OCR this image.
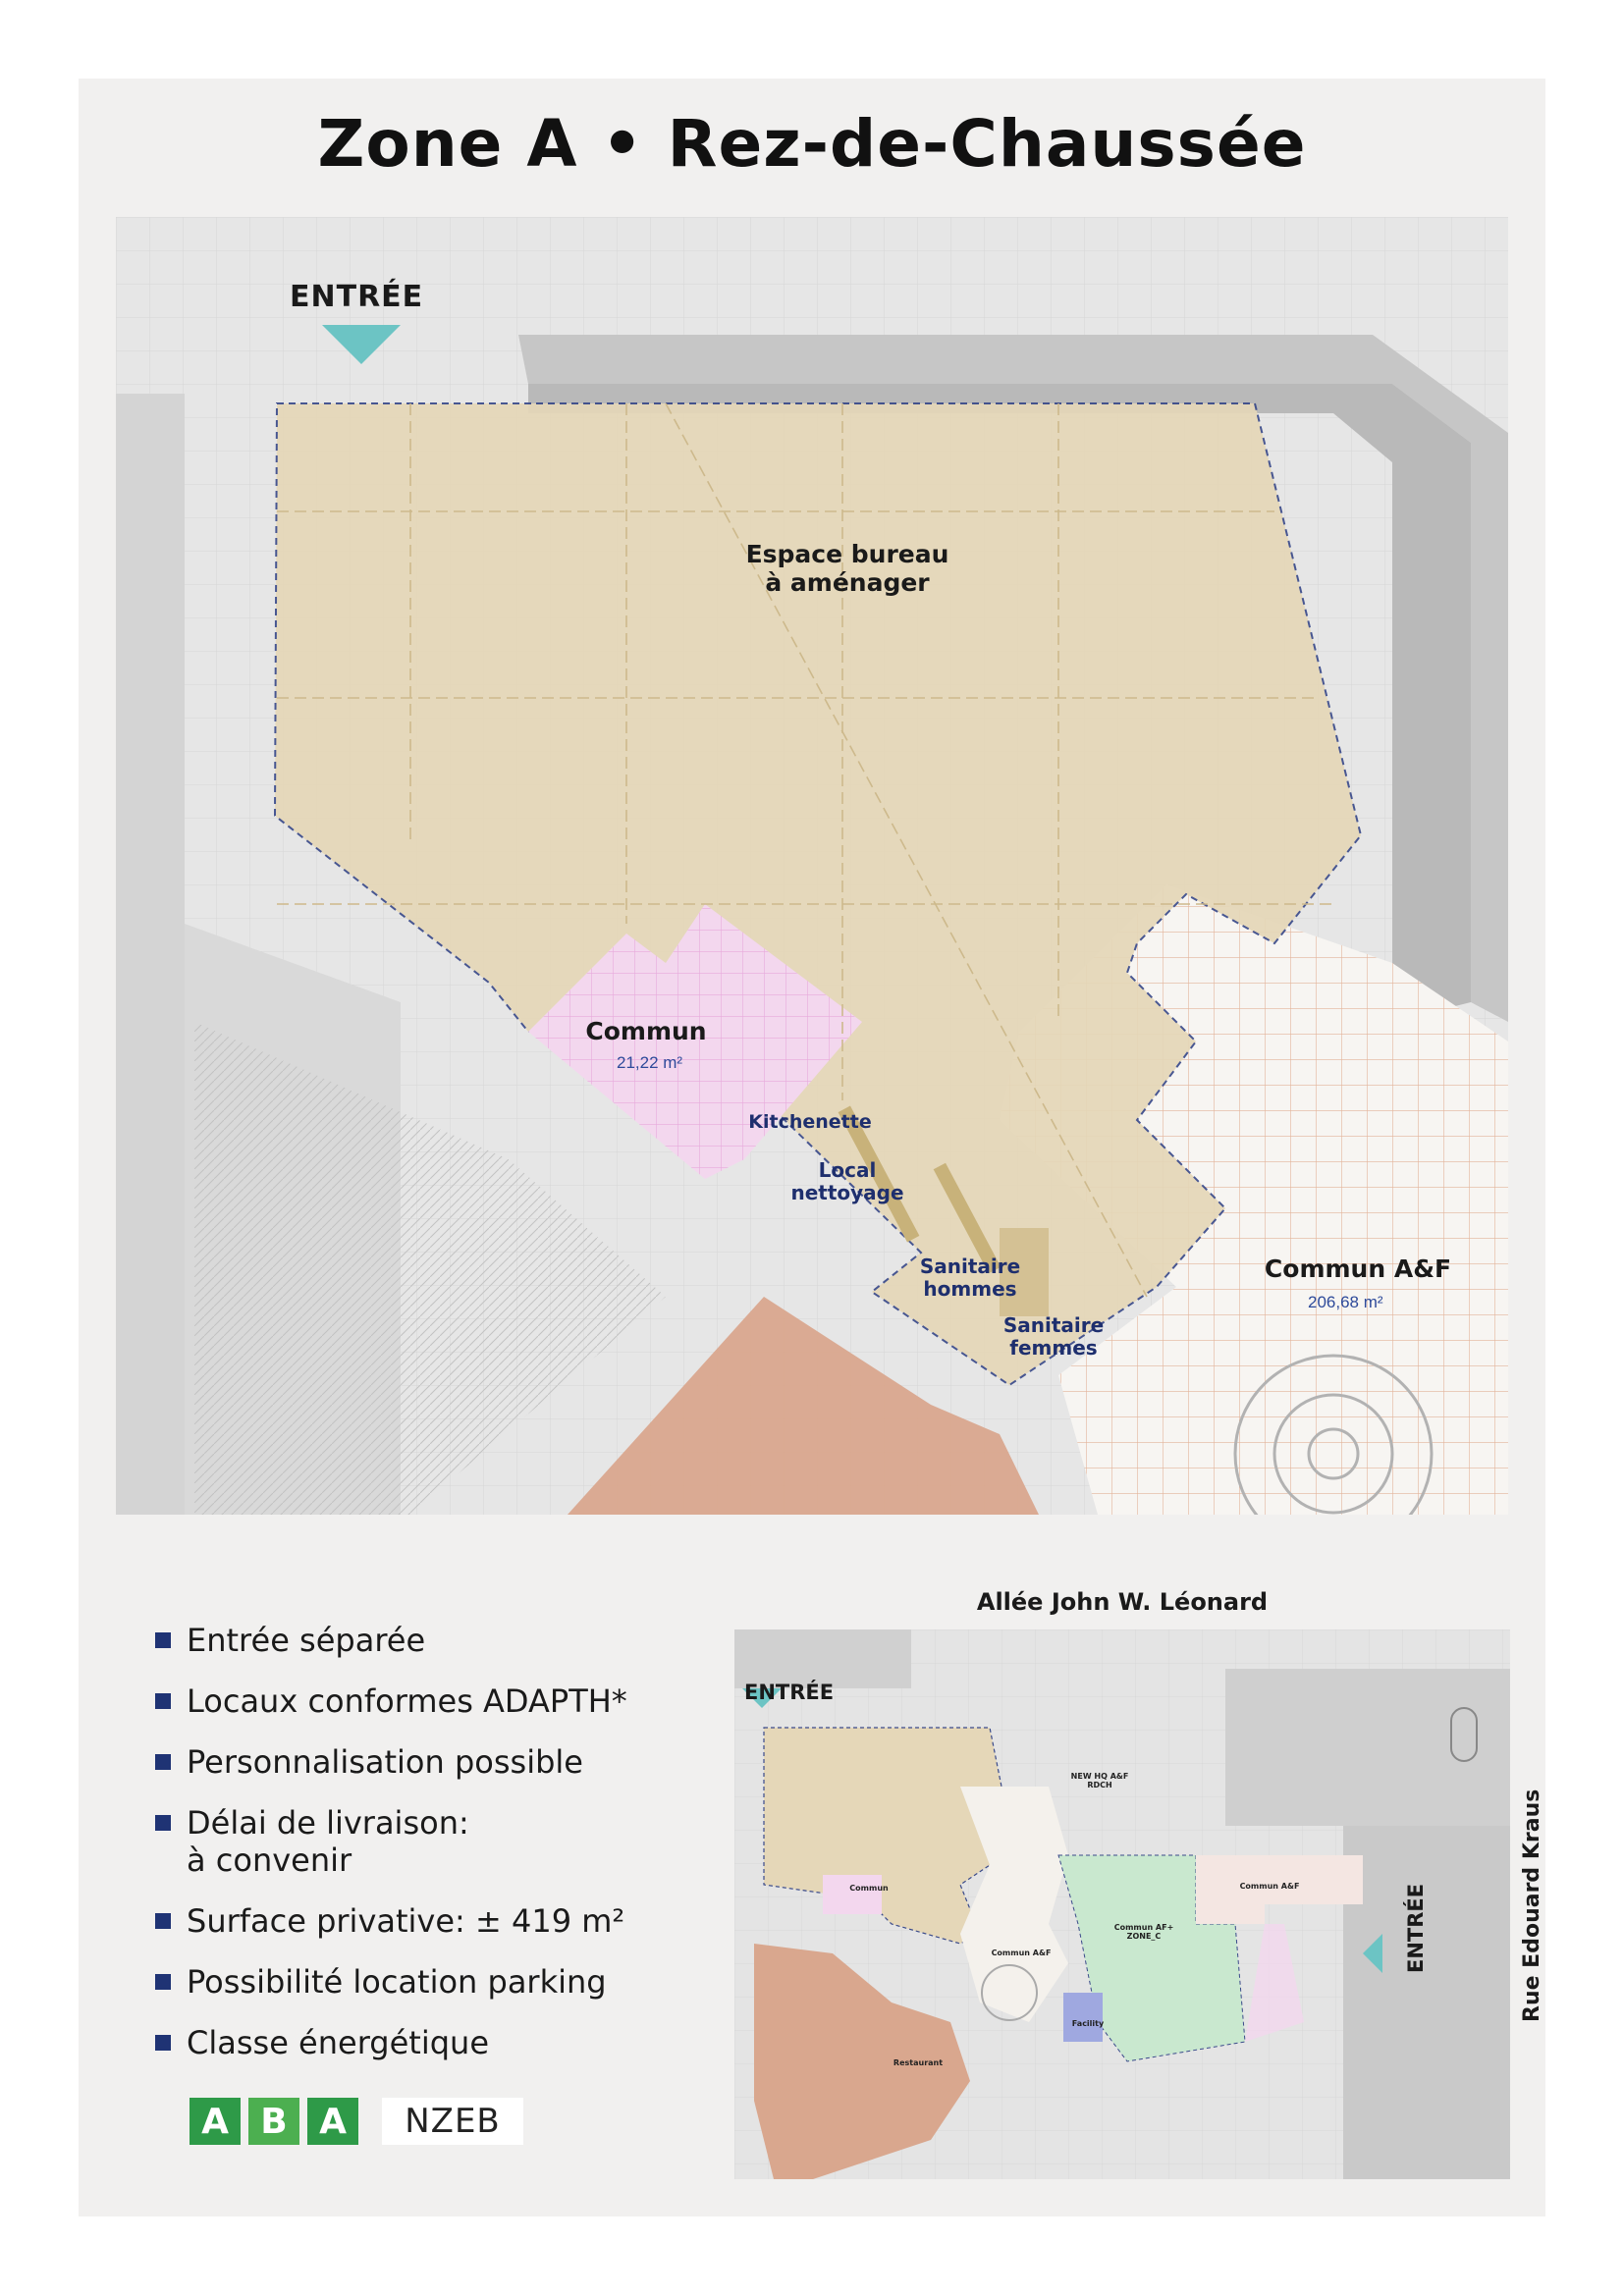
Zone A • Rez-de-Chaussée
ENTRÉE
Espace bureau
à aménager
Commun
21,22 m²
Kitchenette
Local
nettoyage
Sanitaire
hommes
Sanitaire
femmes
Commun A&F
206,68 m²
Entrée séparée
Locaux conformes ADAPTH*
Personnalisation possible
Délai de livraison:
à convenir
Surface privative: ± 419 m²
Possibilité location parking
Classe énergétique
A B A	NZEB
Allée John W. Léonard
ENTRÉE
ENTRÉE	Rue Edouard Kraus
NEW HQ A&F RDCH
Commun
Commun A&F
Commun A&F
Commun AF+ ZONE_C
Facility
Restaurant
